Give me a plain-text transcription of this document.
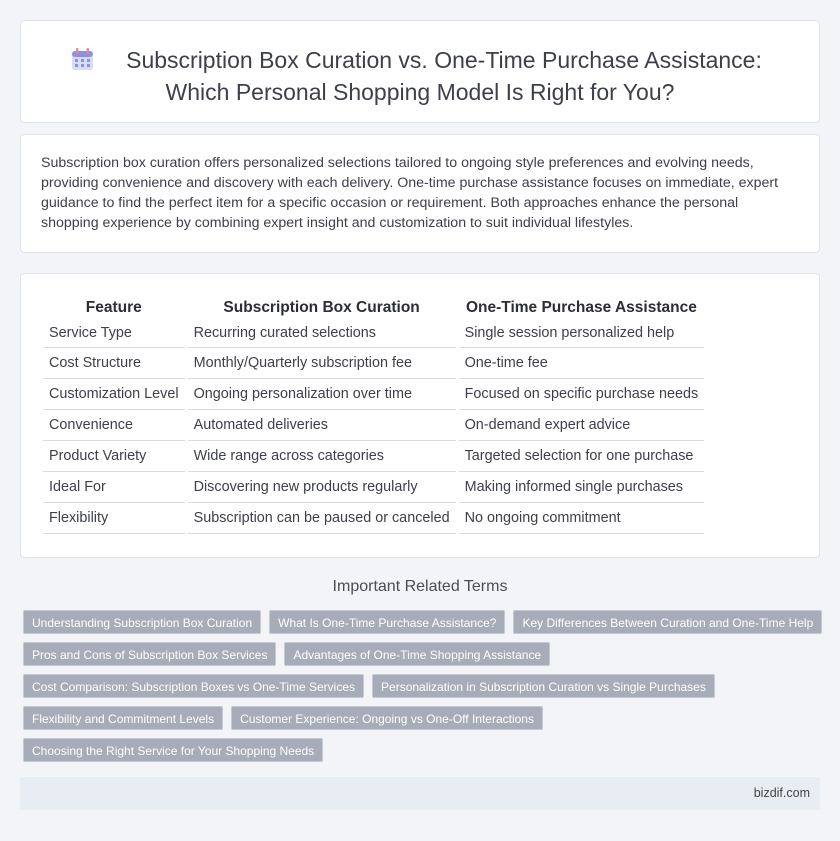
Subscription Box Curation vs. One-Time Purchase Assistance:
Which Personal Shopping Model Is Right for You?

Subscription box curation offers personalized selections tailored to ongoing style preferences and evolving needs, providing convenience and discovery with each delivery. One-time purchase assistance focuses on immediate, expert guidance to find the perfect item for a specific occasion or requirement. Both approaches enhance the personal shopping experience by combining expert insight and customization to suit individual lifestyles.

Feature	Subscription Box Curation	One-Time Purchase Assistance
Service Type	Recurring curated selections	Single session personalized help
Cost Structure	Monthly/Quarterly subscription fee	One-time fee
Customization Level	Ongoing personalization over time	Focused on specific purchase needs
Convenience	Automated deliveries	On-demand expert advice
Product Variety	Wide range across categories	Targeted selection for one purchase
Ideal For	Discovering new products regularly	Making informed single purchases
Flexibility	Subscription can be paused or canceled	No ongoing commitment
Important Related Terms
Understanding Subscription Box Curation	What Is One-Time Purchase Assistance?	Key Differences Between Curation and One-Time Help
Pros and Cons of Subscription Box Services	Advantages of One-Time Shopping Assistance
Cost Comparison: Subscription Boxes vs One-Time Services	Personalization in Subscription Curation vs Single Purchases
Flexibility and Commitment Levels	Customer Experience: Ongoing vs One-Off Interactions
Choosing the Right Service for Your Shopping Needs
bizdif.com
